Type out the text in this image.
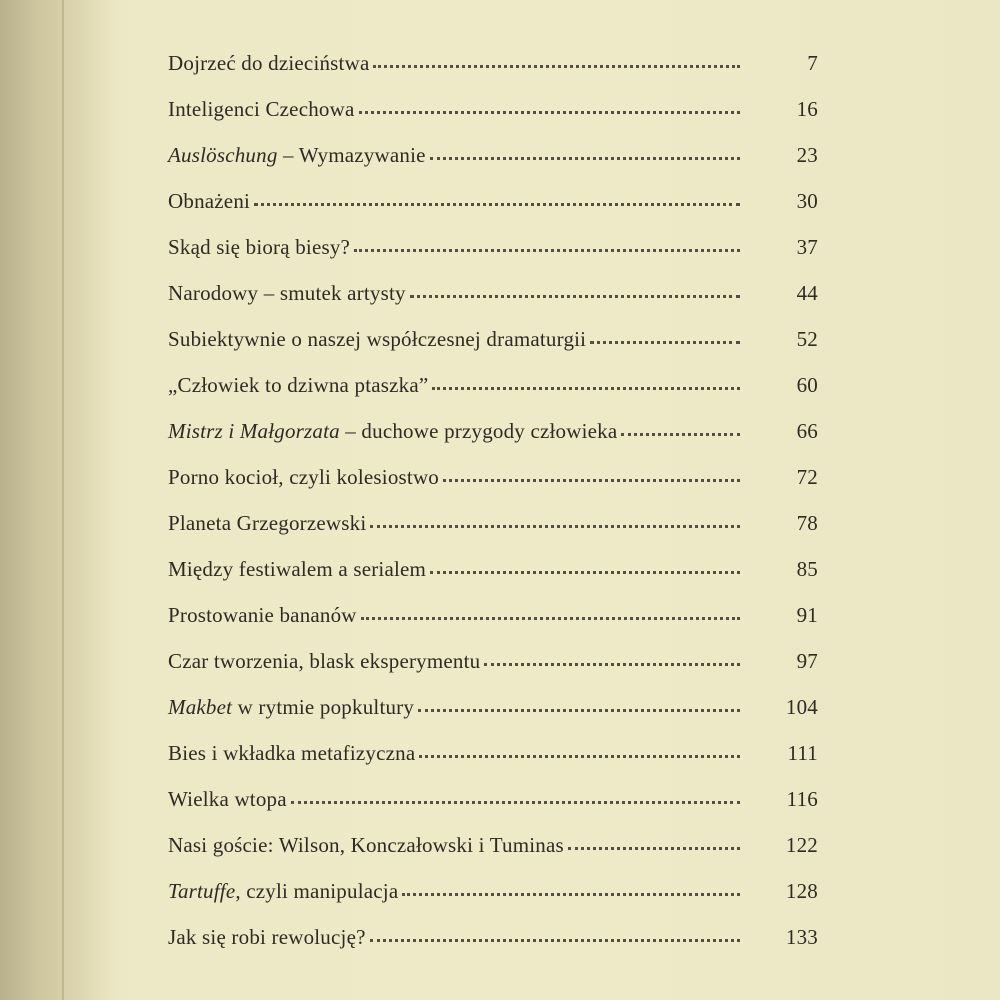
Dojrzeć do dzieciństwa	7
Inteligenci Czechowa	16
Auslöschung – Wymazywanie	23
Obnażeni	30
Skąd się biorą biesy?	37
Narodowy – smutek artysty	44
Subiektywnie o naszej współczesnej dramaturgii	52
„Człowiek to dziwna ptaszka”	60
Mistrz i Małgorzata – duchowe przygody człowieka	66
Porno kocioł, czyli kolesiostwo	72
Planeta Grzegorzewski	78
Między festiwalem a serialem	85
Prostowanie bananów	91
Czar tworzenia, blask eksperymentu	97
Makbet w rytmie popkultury	104
Bies i wkładka metafizyczna	111
Wielka wtopa	116
Nasi goście: Wilson, Konczałowski i Tuminas	122
Tartuffe, czyli manipulacja	128
Jak się robi rewolucję?	133
